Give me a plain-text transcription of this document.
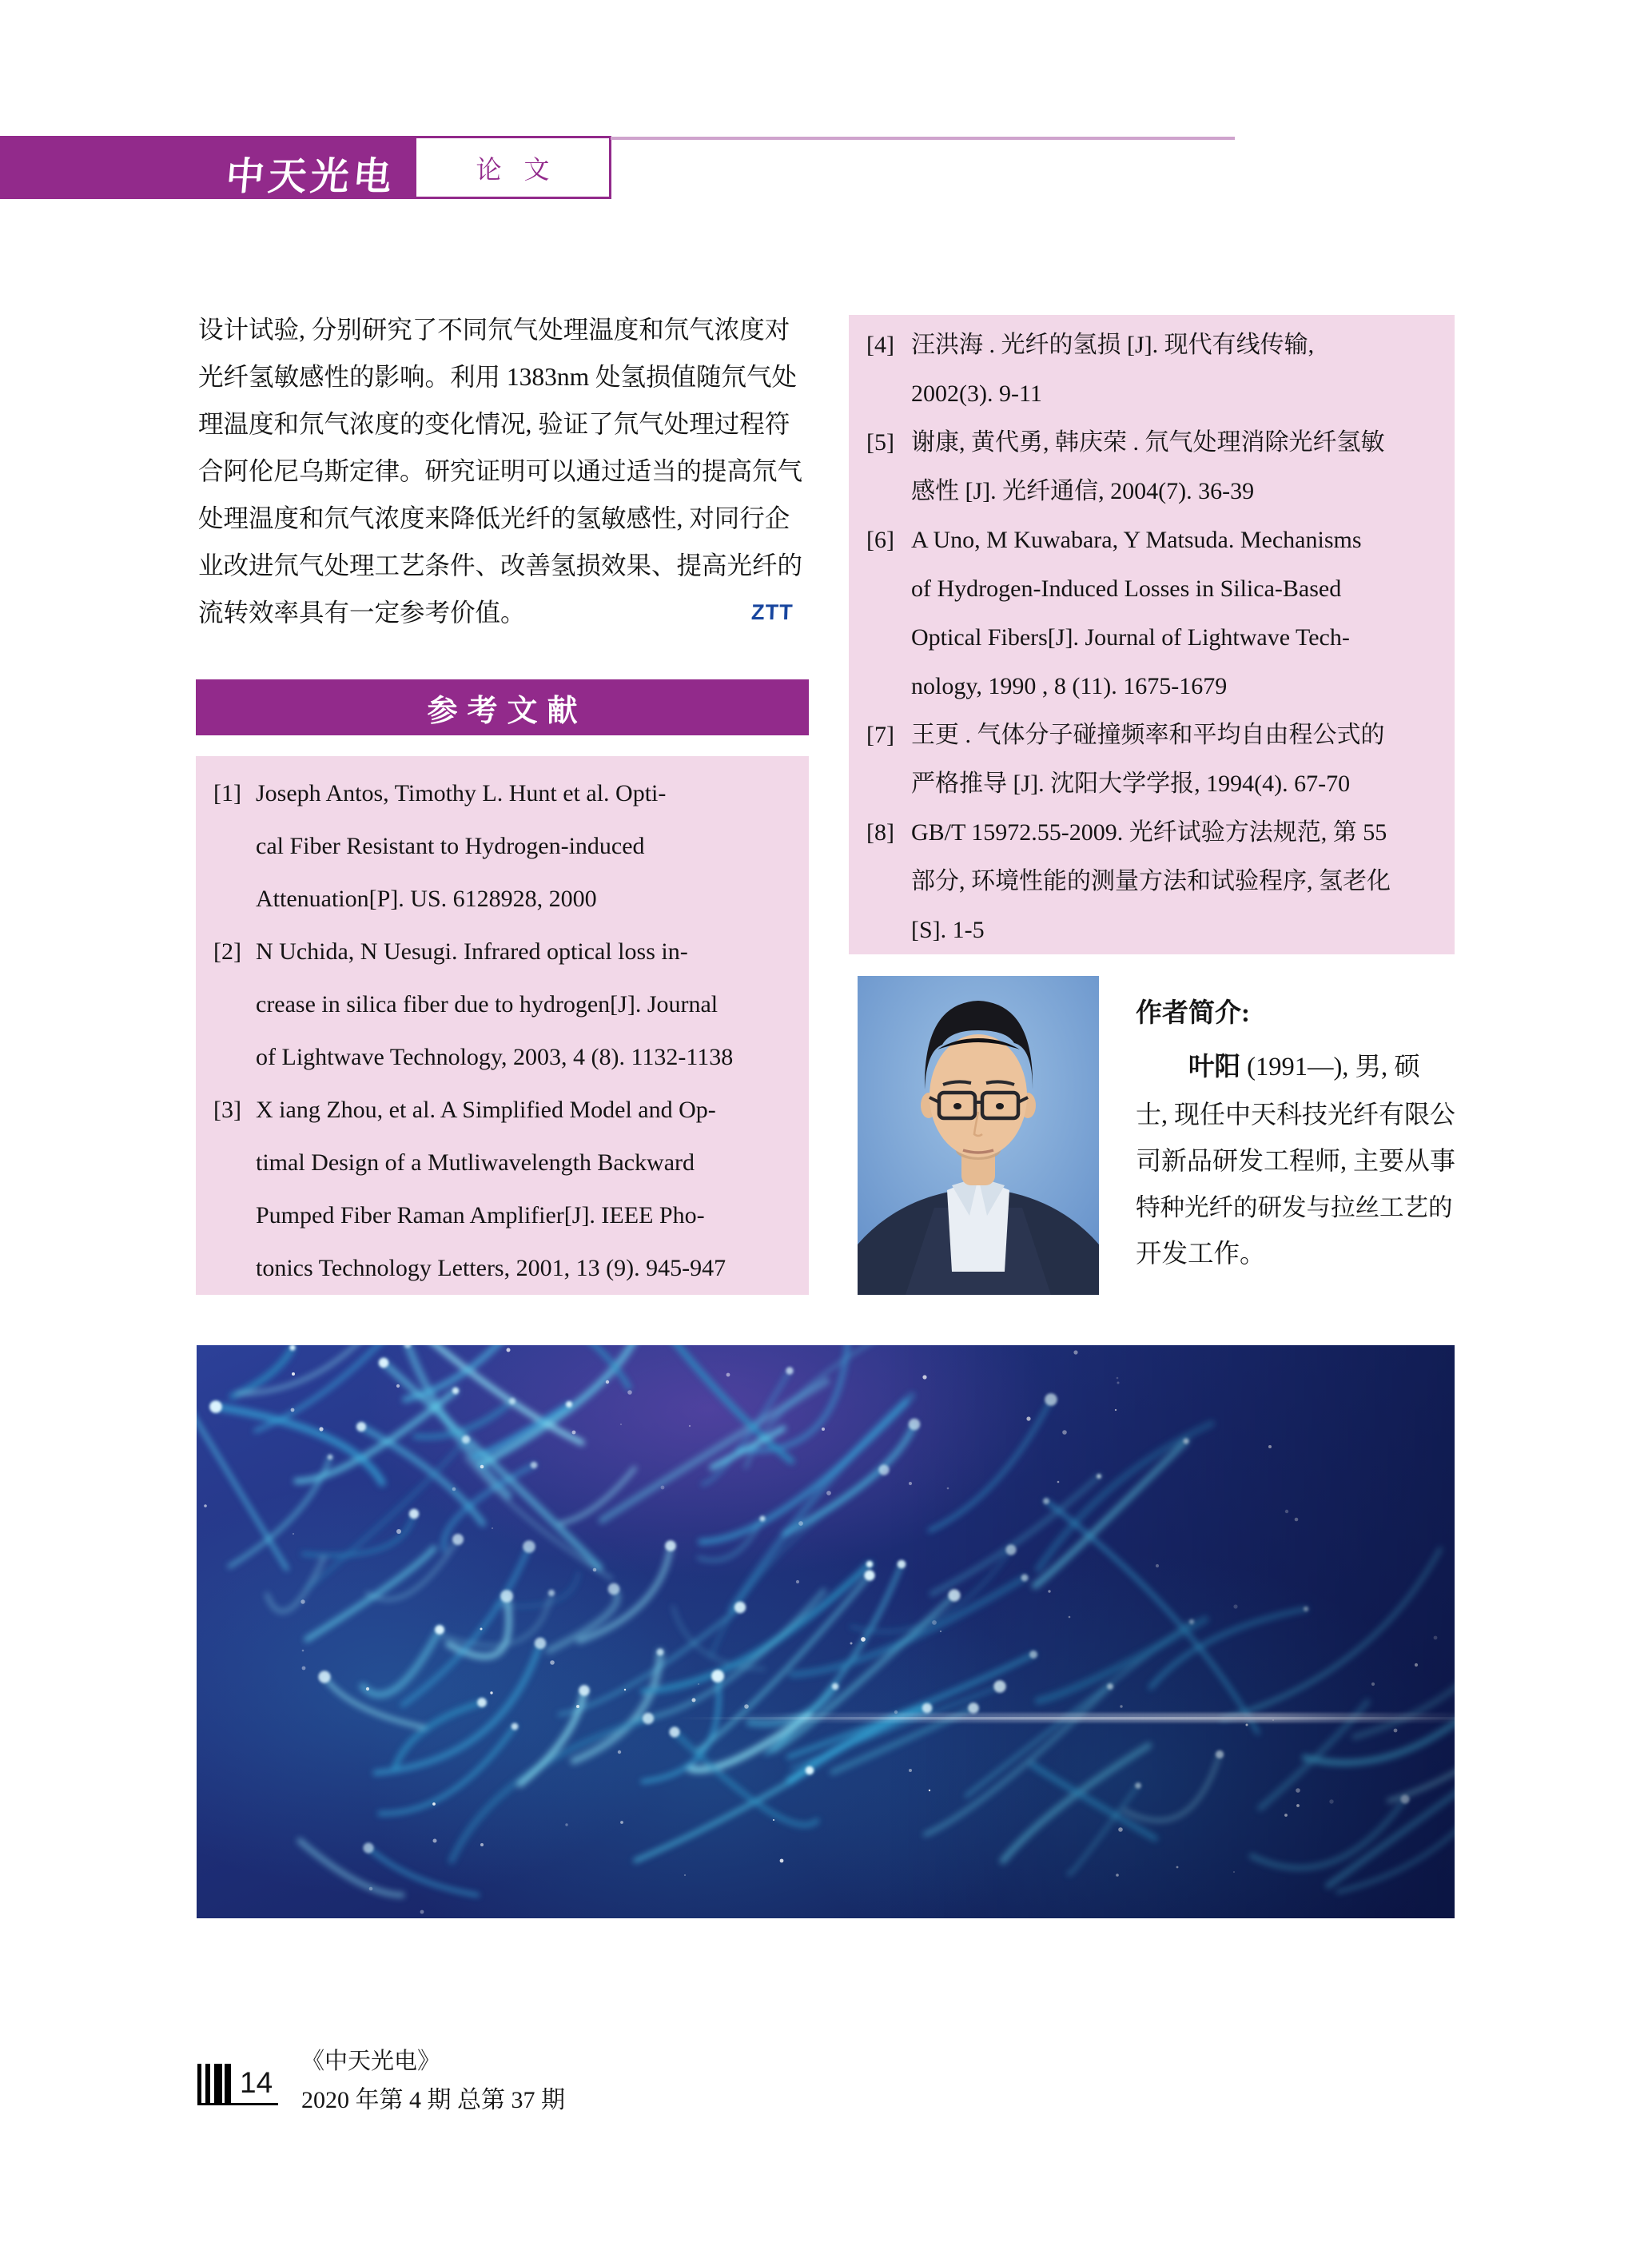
中天光电	论 文
设计试验, 分别研究了不同氘气处理温度和氘气浓度对
光纤氢敏感性的影响。利用 1383nm 处氢损值随氘气处
理温度和氘气浓度的变化情况, 验证了氘气处理过程符
合阿伦尼乌斯定律。研究证明可以通过适当的提高氘气
处理温度和氘气浓度来降低光纤的氢敏感性, 对同行企
业改进氘气处理工艺条件、改善氢损效果、提高光纤的
流转效率具有一定参考价值。	ZTT
参考文献
[1] Joseph Antos, Timothy L. Hunt et al. Opti-
cal Fiber Resistant to Hydrogen-induced
Attenuation[P]. US. 6128928, 2000
[2] N Uchida, N Uesugi. Infrared optical loss in-
crease in silica fiber due to hydrogen[J]. Journal
of Lightwave Technology, 2003, 4 (8). 1132-1138
[3] X iang Zhou, et al. A Simplified Model and Op-
timal Design of a Mutliwavelength Backward
Pumped Fiber Raman Amplifier[J]. IEEE Pho-
tonics Technology Letters, 2001, 13 (9). 945-947
[4] 汪洪海 . 光纤的氢损 [J]. 现代有线传输,
2002(3). 9-11
[5] 谢康, 黄代勇, 韩庆荣 . 氘气处理消除光纤氢敏
感性 [J]. 光纤通信, 2004(7). 36-39
[6] A Uno, M Kuwabara, Y Matsuda. Mechanisms
of Hydrogen-Induced Losses in Silica-Based
Optical Fibers[J]. Journal of Lightwave Tech-
nology, 1990 , 8 (11). 1675-1679
[7] 王更 . 气体分子碰撞频率和平均自由程公式的
严格推导 [J]. 沈阳大学学报, 1994(4). 67-70
[8] GB/T 15972.55-2009. 光纤试验方法规范, 第 55
部分, 环境性能的测量方法和试验程序, 氢老化
[S]. 1-5
作者简介:
叶阳 (1991—), 男, 硕
士, 现任中天科技光纤有限公
司新品研发工程师, 主要从事
特种光纤的研发与拉丝工艺的
开发工作。
14
《中天光电》
2020 年第 4 期 总第 37 期
